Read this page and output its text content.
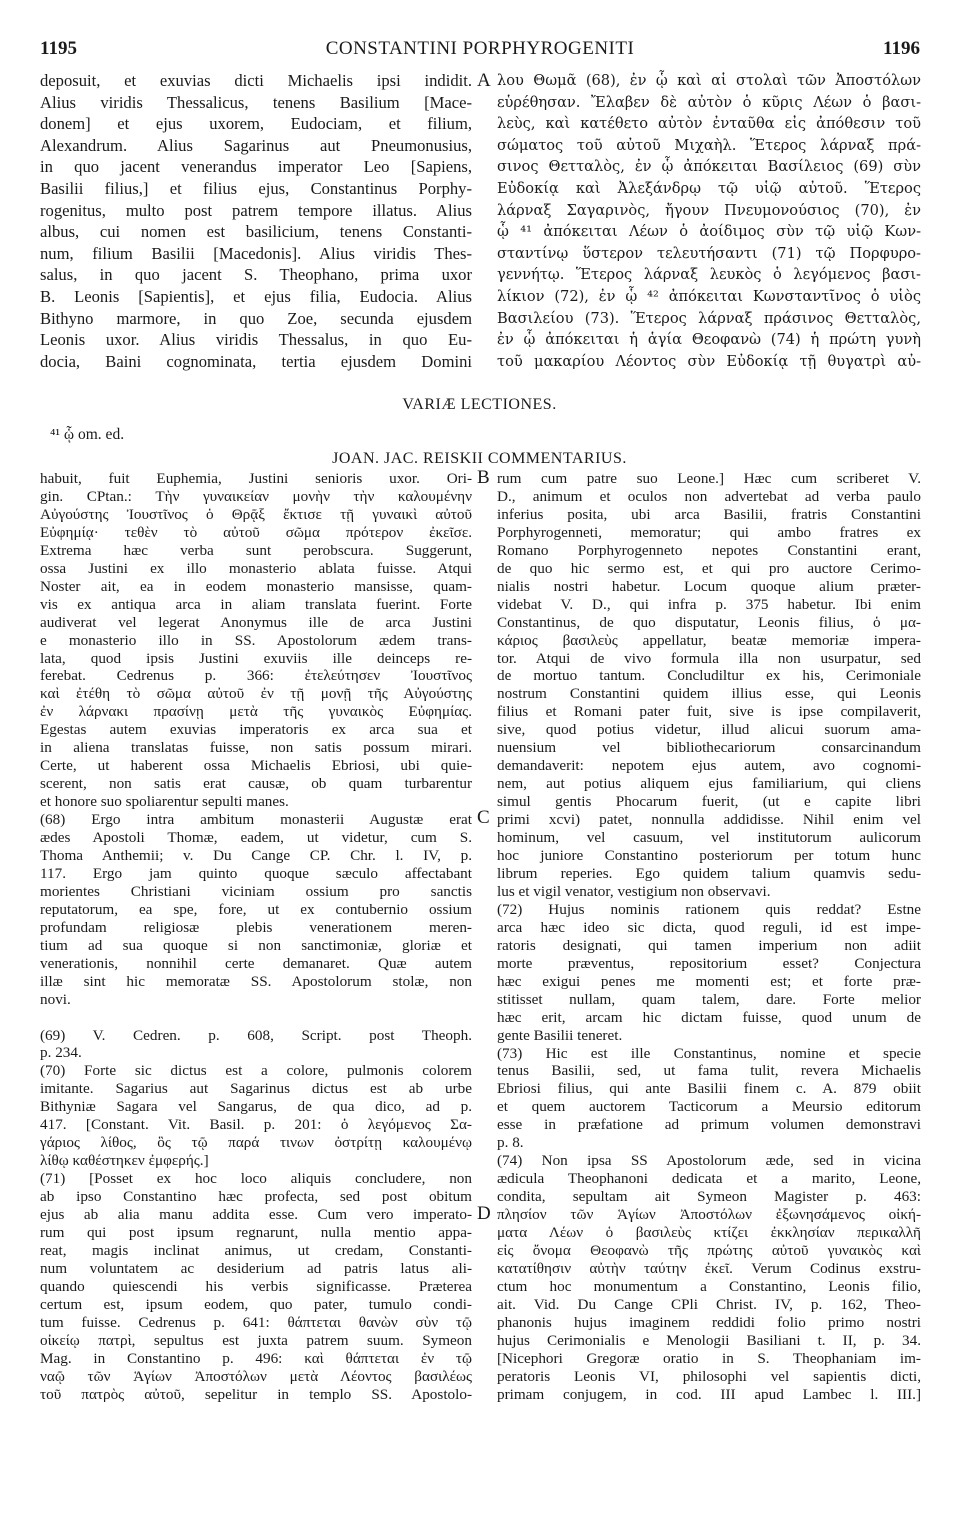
1195	CONSTANTINI PORPHYROGENITI	1196
deposuit, et exuvias dicti Michaelis ipsi indidit.
Alius viridis Thessalicus, tenens Basilium [Mace-
donem] et ejus uxorem, Eudociam, et filium,
Alexandrum. Alius Sagarinus aut Pneumonusius,
in quo jacent venerandus imperator Leo [Sapiens,
Basilii filius,] et filius ejus, Constantinus Porphy-
rogenitus, multo post patrem tempore illatus. Alius
albus, cui nomen est basilicium, tenens Constanti-
num, filium Basilii [Macedonis]. Alius viridis Thes-
salus, in quo jacent S. Theophano, prima uxor
B. Leonis [Sapientis], et ejus filia, Eudocia. Alius
Bithyno marmore, in quo Zoe, secunda ejusdem
Leonis uxor. Alius viridis Thessalus, in quo Eu-
docia, Baini cognominata, tertia ejusdem Domini
λου Θωμᾶ (68), ἐν ᾧ καὶ αἱ στολαὶ τῶν Ἀποστόλων
εὑρέθησαν. Ἔλαβεν δὲ αὐτὸν ὁ κῦρις Λέων ὁ βασι-
λεὺς, καὶ κατέθετο αὐτὸν ἐνταῦθα εἰς ἀπόθεσιν τοῦ
σώματος τοῦ αὐτοῦ Μιχαὴλ. Ἕτερος λάρναξ πρά-
σινος Θετταλὸς, ἐν ᾧ ἀπόκειται Βασίλειος (69) σὺν
Εὐδοκίᾳ καὶ Ἀλεξάνδρῳ τῷ υἱῷ αὐτοῦ. Ἕτερος
λάρναξ Σαγαρινὸς, ἤγουν Πνευμονούσιος (70), ἐν
ᾧ ⁴¹ ἀπόκειται Λέων ὁ ἀοίδιμος σὺν τῷ υἱῷ Κων-
σταντίνῳ ὕστερον τελευτήσαντι (71) τῷ Πορφυρο-
γεννήτῳ. Ἕτερος λάρναξ λευκὸς ὁ λεγόμενος βασι-
λίκιον (72), ἐν ᾧ ⁴² ἀπόκειται Κωνσταντῖνος ὁ υἱὸς
Βασιλείου (73). Ἕτερος λάρναξ πράσινος Θετταλὸς,
ἐν ᾧ ἀπόκειται ἡ ἁγία Θεοφανὼ (74) ἡ πρώτη γυνὴ
τοῦ μακαρίου Λέοντος σὺν Εὐδοκίᾳ τῇ θυγατρὶ αὐ-
A
VARIÆ LECTIONES.
⁴¹ ᾧ om. ed.
JOAN. JAC. REISKII COMMENTARIUS.
habuit, fuit Euphemia, Justini senioris uxor. Ori-
gin. CPtan.: Τὴν γυναικείαν μονὴν τὴν καλουμένην
Αὐγούστης Ἰουστῖνος ὁ Θρᾷξ ἔκτισε τῇ γυναικὶ αὐτοῦ
Εὐφημίᾳ· τεθὲν τὸ αὐτοῦ σῶμα πρότερον ἐκεῖσε.
Extrema hæc verba sunt perobscura. Suggerunt,
ossa Justini ex illo monasterio ablata fuisse. Atqui
Noster ait, ea in eodem monasterio mansisse, quam-
vis ex antiqua arca in aliam translata fuerint. Forte
audiverat vel legerat Anonymus ille de arca Justini
e monasterio illo in SS. Apostolorum ædem trans-
lata, quod ipsis Justini exuviis ille deinceps re-
ferebat. Cedrenus p. 366: ἐτελεύτησεν Ἰουστῖνος
καὶ ἐτέθη τὸ σῶμα αὐτοῦ ἐν τῇ μονῇ τῆς Αὐγούστης
ἐν λάρνακι πρασίνῃ μετὰ τῆς γυναικὸς Εὐφημίας.
Egestas autem exuvias imperatoris ex arca sua et
in aliena translatas fuisse, non satis possum mirari.
Certe, ut haberent ossa Michaelis Ebriosi, ubi quie-
scerent, non satis erat causæ, ob quam turbarentur
et honore suo spoliarentur sepulti manes.
(68) Ergo intra ambitum monasterii Augustæ erat
ædes Apostoli Thomæ, eadem, ut videtur, cum S.
Thoma Anthemii; v. Du Cange CP. Chr. l. IV, p.
117. Ergo jam quinto quoque sæculo affectabant
morientes Christiani viciniam ossium pro sanctis
reputatorum, ea spe, fore, ut ex contubernio ossium
profundam religiosæ plebis venerationem meren-
tium ad sua quoque si non sanctimoniæ, gloriæ et
venerationis, nonnihil certe demanaret. Quæ autem
illæ sint hic memoratæ SS. Apostolorum stolæ, non
novi.
(69) V. Cedren. p. 608, Script. post Theoph.
p. 234.
(70) Forte sic dictus est a colore, pulmonis colorem
imitante. Sagarius aut Sagarinus dictus est ab urbe
Bithyniæ Sagara vel Sangarus, de qua dico, ad p.
417. [Constant. Vit. Basil. p. 201: ὁ λεγόμενος Σα-
γάριος λίθος, ὃς τῷ παρά τινων ὀστρίτῃ καλουμένῳ
λίθῳ καθέστηκεν ἐμφερής.]
(71) [Posset ex hoc loco aliquis concludere, non
ab ipso Constantino hæc profecta, sed post obitum
ejus ab alia manu addita esse. Cum vero imperato-
rum qui post ipsum regnarunt, nulla mentio appa-
reat, magis inclinat animus, ut credam, Constanti-
num voluntatem ac desiderium ad patris latus ali-
quando quiescendi his verbis significasse. Præterea
certum est, ipsum eodem, quo pater, tumulo condi-
tum fuisse. Cedrenus p. 641: θάπτεται θανὼν σὺν τῷ
οἰκείῳ πατρὶ, sepultus est juxta patrem suum. Symeon
Mag. in Constantino p. 496: καὶ θάπτεται ἐν τῷ
ναῷ τῶν Ἁγίων Ἀποστόλων μετὰ Λέοντος βασιλέως
τοῦ πατρὸς αὐτοῦ, sepelitur in templo SS. Apostolo-
rum cum patre suo Leone.] Hæc cum scriberet V.
D., animum et oculos non advertebat ad verba paulo
inferius posita, ubi arca Basilii, fratris Constantini
Porphyrogenneti, memoratur; qui ambo fratres ex
Romano Porphyrogenneto nepotes Constantini erant,
de quo hic sermo est, et qui pro auctore Cerimo-
nialis nostri habetur. Locum quoque alium præter-
videbat V. D., qui infra p. 375 habetur. Ibi enim
Constantinus, de quo disputatur, Leonis filius, ὁ μα-
κάριος βασιλεὺς appellatur, beatæ memoriæ impera-
tor. Atqui de vivo formula illa non usurpatur, sed
de mortuo tantum. Concludiltur ex his, Cerimoniale
nostrum Constantini quidem illius esse, qui Leonis
filius et Romani pater fuit, sive is ipse compilaverit,
sive, quod potius videtur, illud alicui suorum ama-
nuensium vel bibliothecariorum consarcinandum
demandaverit: nepotem ejus autem, avo cognomi-
nem, aut potius aliquem ejus familiarium, qui cliens
simul gentis Phocarum fuerit, (ut e capite libri
primi xcvi) patet, nonnulla addidisse. Nihil enim vel
hominum, vel casuum, vel institutorum aulicorum
hoc juniore Constantino posteriorum per totum hunc
librum reperies. Ego quidem talium quamvis sedu-
lus et vigil venator, vestigium non observavi.
(72) Hujus nominis rationem quis reddat? Estne
arca hæc ideo sic dicta, quod reguli, id est impe-
ratoris designati, qui tamen imperium non adiit
morte præventus, repositorium esset? Conjectura
hæc exigui penes me momenti est; et forte præ-
stitisset nullam, quam talem, dare. Forte melior
hæc erit, arcam hic dictam fuisse, quod unum de
gente Basilii teneret.
(73) Hic est ille Constantinus, nomine et specie
tenus Basilii, sed, ut fama tulit, revera Michaelis
Ebriosi filius, qui ante Basilii finem c. A. 879 obiit
et quem auctorem Tacticorum a Meursio editorum
esse in præfatione ad primum volumen demonstravi
p. 8.
(74) Non ipsa SS Apostolorum æde, sed in vicina
ædicula Theophanoni dedicata et a marito, Leone,
condita, sepultam ait Symeon Magister p. 463:
πλησίον τῶν Ἁγίων Ἀποστόλων ἐξωνησάμενος οἰκή-
ματα Λέων ὁ βασιλεὺς κτίζει ἐκκλησίαν περικαλλῆ
εἰς ὄνομα Θεοφανὼ τῆς πρώτης αὐτοῦ γυναικὸς καὶ
κατατίθησιν αὐτὴν ταύτην ἐκεῖ. Verum Codinus exstru-
ctum hoc monumentum a Constantino, Leonis filio,
ait. Vid. Du Cange CPli Christ. IV, p. 162, Theo-
phanonis hujus imaginem reddidi folio primo nostri
hujus Cerimonialis e Menologii Basiliani t. II, p. 34.
[Nicephori Gregoræ oratio in S. Theophaniam im-
peratoris Leonis VI, philosophi vel sapientis dicti,
primam conjugem, in cod. III apud Lambec l. III.]
B
C
D
